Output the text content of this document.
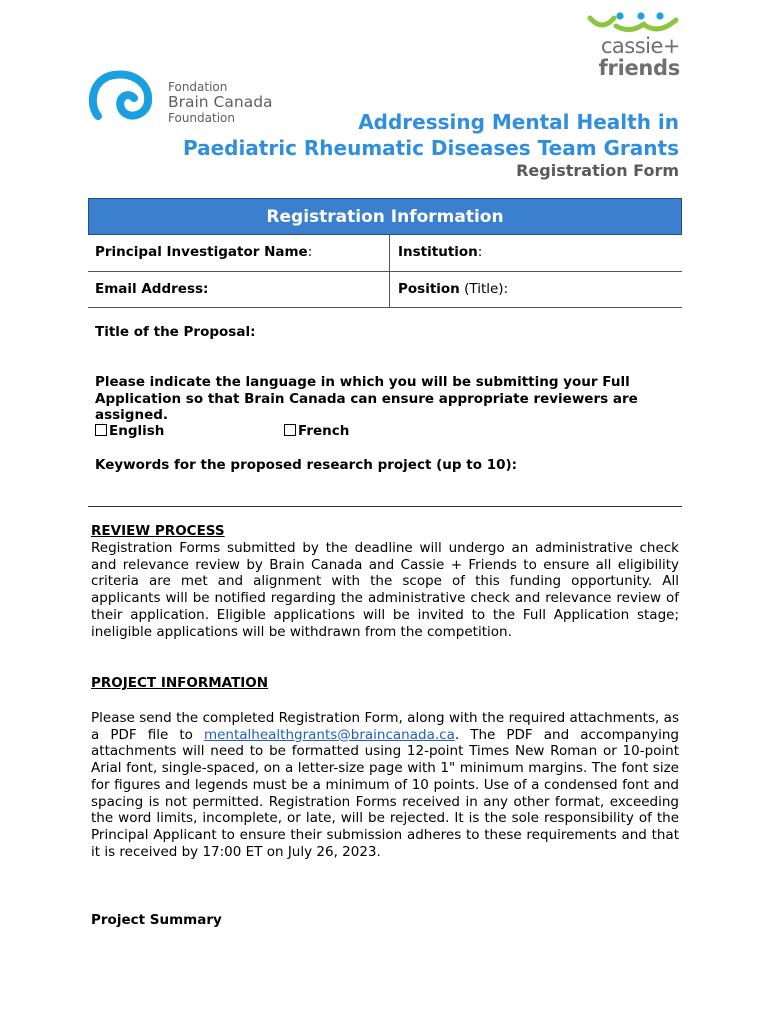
cassie+
friends
Fondation
Brain Canada
Foundation	Addressing Mental Health in
Paediatric Rheumatic Diseases Team Grants
Registration Form
Registration Information
Principal Investigator Name:	Institution:
Email Address:	Position (Title):
Title of the Proposal:
Please indicate the language in which you will be submitting your Full Application so that Brain Canada can ensure appropriate reviewers are assigned.
English	French
Keywords for the proposed research project (up to 10):
REVIEW PROCESS
Registration Forms submitted by the deadline will undergo an administrative check and relevance review by Brain Canada and Cassie + Friends to ensure all eligibility criteria are met and alignment with the scope of this funding opportunity. All applicants will be notified regarding the administrative check and relevance review of their application. Eligible applications will be invited to the Full Application stage; ineligible applications will be withdrawn from the competition.
PROJECT INFORMATION
Please send the completed Registration Form, along with the required attachments, as a PDF file to mentalhealthgrants@braincanada.ca. The PDF and accompanying attachments will need to be formatted using 12-point Times New Roman or 10-point Arial font, single-spaced, on a letter-size page with 1" minimum margins. The font size for figures and legends must be a minimum of 10 points. Use of a condensed font and spacing is not permitted. Registration Forms received in any other format, exceeding the word limits, incomplete, or late, will be rejected. It is the sole responsibility of the Principal Applicant to ensure their submission adheres to these requirements and that it is received by 17:00 ET on July 26, 2023.
Project Summary
